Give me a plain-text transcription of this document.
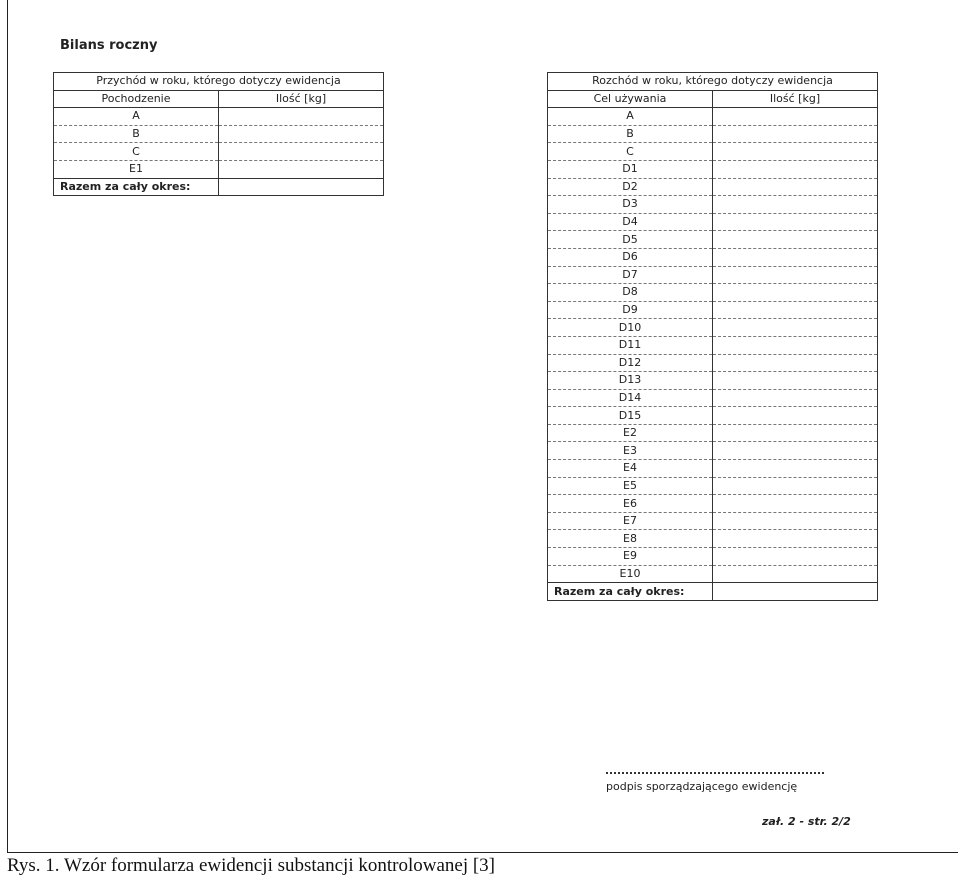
Bilans roczny
Przychód w roku, którego dotyczy ewidencja	
Pochodzenie	Ilość [kg]
A	
B	
C	
E1	
Razem za cały okres:	
Rozchód w roku, którego dotyczy ewidencja	
Cel używania	Ilość [kg]
A	
B	
C	
D1	
D2	
D3	
D4	
D5	
D6	
D7	
D8	
D9	
D10	
D11	
D12	
D13	
D14	
D15	
E2	
E3	
E4	
E5	
E6	
E7	
E8	
E9	
E10	
Razem za cały okres:	
podpis sporządzającego ewidencję
zał. 2 - str. 2/2
Rys. 1. Wzór formularza ewidencji substancji kontrolowanej [3]
